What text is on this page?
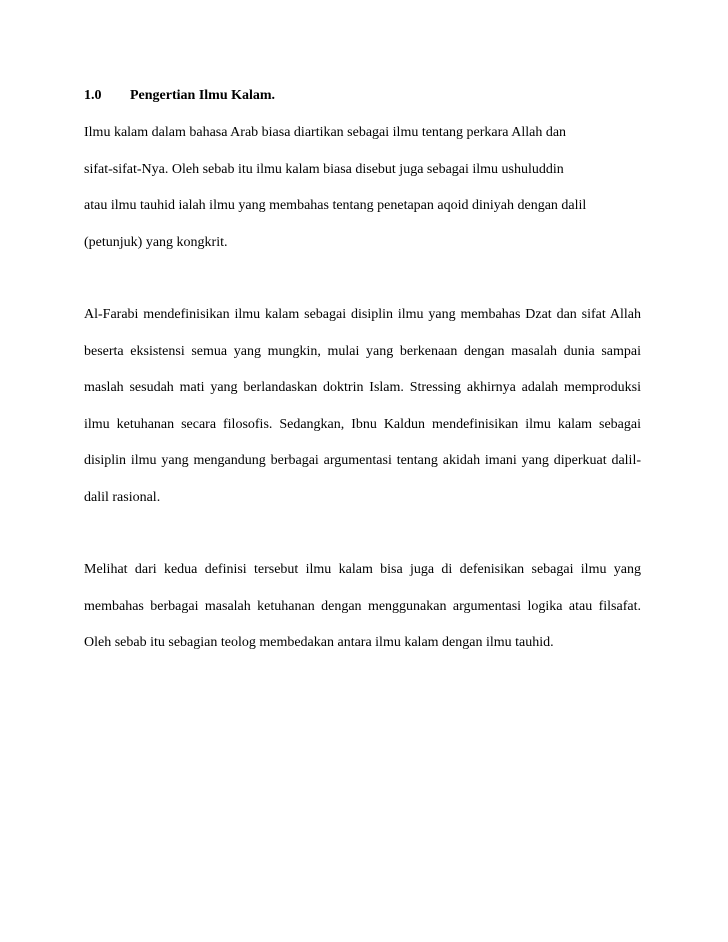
1.0	Pengertian Ilmu Kalam.

Ilmu kalam dalam bahasa Arab biasa diartikan sebagai ilmu tentang perkara Allah dan
sifat-sifat-Nya. Oleh sebab itu ilmu kalam biasa disebut juga sebagai ilmu ushuluddin
atau ilmu tauhid ialah ilmu yang membahas tentang penetapan aqoid diniyah dengan dalil
(petunjuk) yang kongkrit.

Al-Farabi mendefinisikan ilmu kalam sebagai disiplin ilmu yang membahas Dzat dan sifat Allah beserta eksistensi semua yang mungkin, mulai yang berkenaan dengan masalah dunia sampai maslah sesudah mati yang berlandaskan doktrin Islam. Stressing akhirnya adalah memproduksi ilmu ketuhanan secara filosofis. Sedangkan, Ibnu Kaldun mendefinisikan ilmu kalam sebagai disiplin ilmu yang mengandung berbagai argumentasi tentang akidah imani yang diperkuat dalil-dalil rasional.

Melihat dari kedua definisi tersebut ilmu kalam bisa juga di defenisikan sebagai ilmu yang membahas berbagai masalah ketuhanan dengan menggunakan argumentasi logika atau filsafat. Oleh sebab itu sebagian teolog membedakan antara ilmu kalam dengan ilmu tauhid.
